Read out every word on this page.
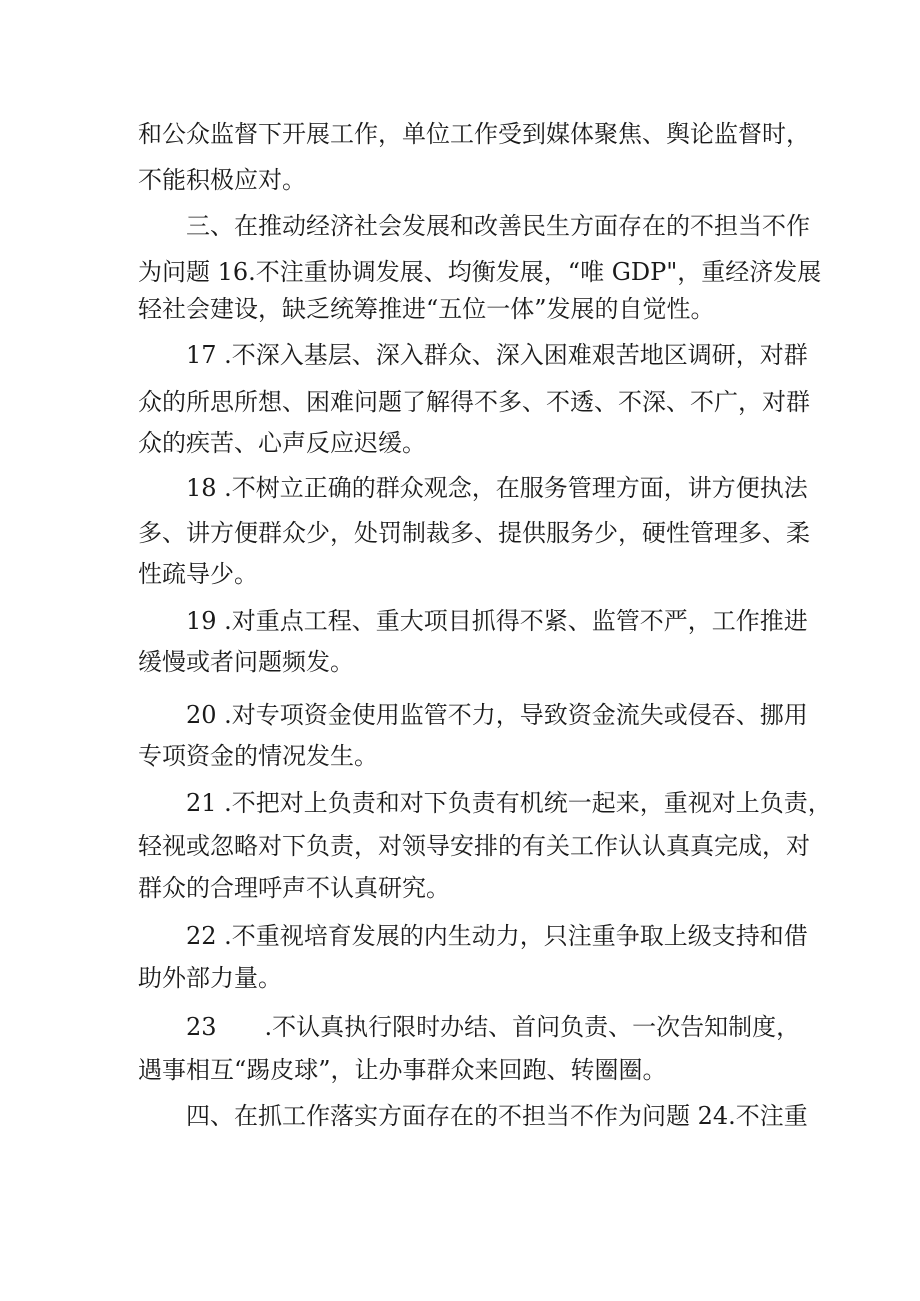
和公众监督下开展工作，单位工作受到媒体聚焦、舆论监督时，

不能积极应对。

三、在推动经济社会发展和改善民生方面存在的不担当不作

为问题 16.不注重协调发展、均衡发展，“唯 GDP"，重经济发展

轻社会建设，缺乏统筹推进“五位一体”发展的自觉性。

17 .不深入基层、深入群众、深入困难艰苦地区调研，对群

众的所思所想、困难问题了解得不多、不透、不深、不广，对群

众的疾苦、心声反应迟缓。

18 .不树立正确的群众观念，在服务管理方面，讲方便执法

多、讲方便群众少，处罚制裁多、提供服务少，硬性管理多、柔

性疏导少。

19 .对重点工程、重大项目抓得不紧、监管不严，工作推进

缓慢或者问题频发。

20 .对专项资金使用监管不力，导致资金流失或侵吞、挪用

专项资金的情况发生。

21 .不把对上负责和对下负责有机统一起来，重视对上负责，

轻视或忽略对下负责，对领导安排的有关工作认认真真完成，对

群众的合理呼声不认真研究。

22 .不重视培育发展的内生动力，只注重争取上级支持和借

助外部力量。

23　　.不认真执行限时办结、首问负责、一次告知制度，

遇事相互“踢皮球”，让办事群众来回跑、转圈圈。

四、在抓工作落实方面存在的不担当不作为问题 24.不注重
